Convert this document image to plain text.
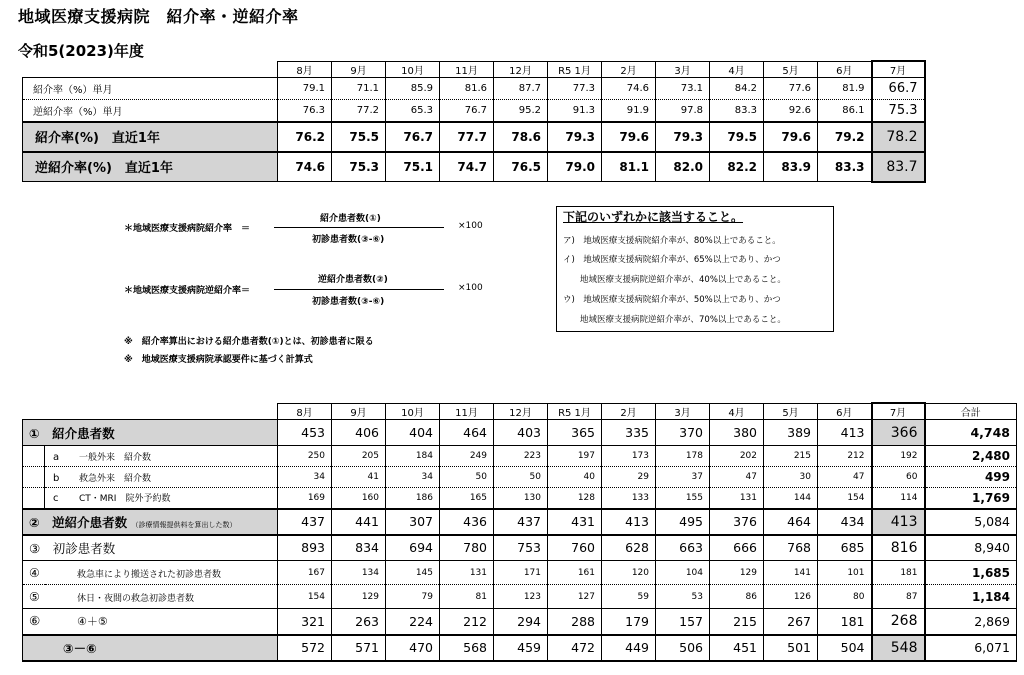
地域医療支援病院　紹介率・逆紹介率
令和5(2023)年度
	8月	9月	10月	11月	12月	R5 1月	2月	3月	4月	5月	6月	7月	
紹介率（%）単月	79.1	71.1	85.9	81.6	87.7	77.3	74.6	73.1	84.2	77.6	81.9	66.7	
逆紹介率（%）単月	76.3	77.2	65.3	76.7	95.2	91.3	91.9	97.8	83.3	92.6	86.1	75.3	
紹介率(%)　直近1年	76.2	75.5	76.7	77.7	78.6	79.3	79.6	79.3	79.5	79.6	79.2	78.2	
逆紹介率(%)　直近1年	74.6	75.3	75.1	74.7	76.5	79.0	81.1	82.0	82.2	83.9	83.3	83.7	
＊地域医療支援病院紹介率　＝
紹介患者数(①)
初診患者数(③-⑥)
×100
＊地域医療支援病院逆紹介率＝
逆紹介患者数(②)
初診患者数(③-⑥)
×100
※　紹介率算出における紹介患者数(①)とは、初診患者に限る
※　地域医療支援病院承認要件に基づく計算式
下記のいずれかに該当すること。
ア)　地域医療支援病院紹介率が、80%以上であること。
イ)　地域医療支援病院紹介率が、65%以上であり、かつ
　　地域医療支援病院逆紹介率が、40%以上であること。
ウ)　地域医療支援病院紹介率が、50%以上であり、かつ
　　地域医療支援病院逆紹介率が、70%以上であること。
		8月	9月	10月	11月	12月	R5 1月	2月	3月	4月	5月	6月	7月	合計
①　紹介患者数		453	406	404	464	403	365	335	370	380	389	413	366	4,748
	a 一般外来　紹介数	250	205	184	249	223	197	173	178	202	215	212	192	2,480
	b 救急外来　紹介数	34	41	34	50	50	40	29	37	47	30	47	60	499
	c CT・MRI　院外予約数	169	160	186	165	130	128	133	155	131	144	154	114	1,769
②　逆紹介患者数 （診療情報提供料を算出した数）		437	441	307	436	437	431	413	495	376	464	434	413	5,084
③　初診患者数		893	834	694	780	753	760	628	663	666	768	685	816	8,940
④ 救急車により搬送された初診患者数		167	134	145	131	171	161	120	104	129	141	101	181	1,685
⑤ 休日・夜間の救急初診患者数		154	129	79	81	123	127	59	53	86	126	80	87	1,184
⑥ ④＋⑤		321	263	224	212	294	288	179	157	215	267	181	268	2,869
③－⑥		572	571	470	568	459	472	449	506	451	501	504	548	6,071
